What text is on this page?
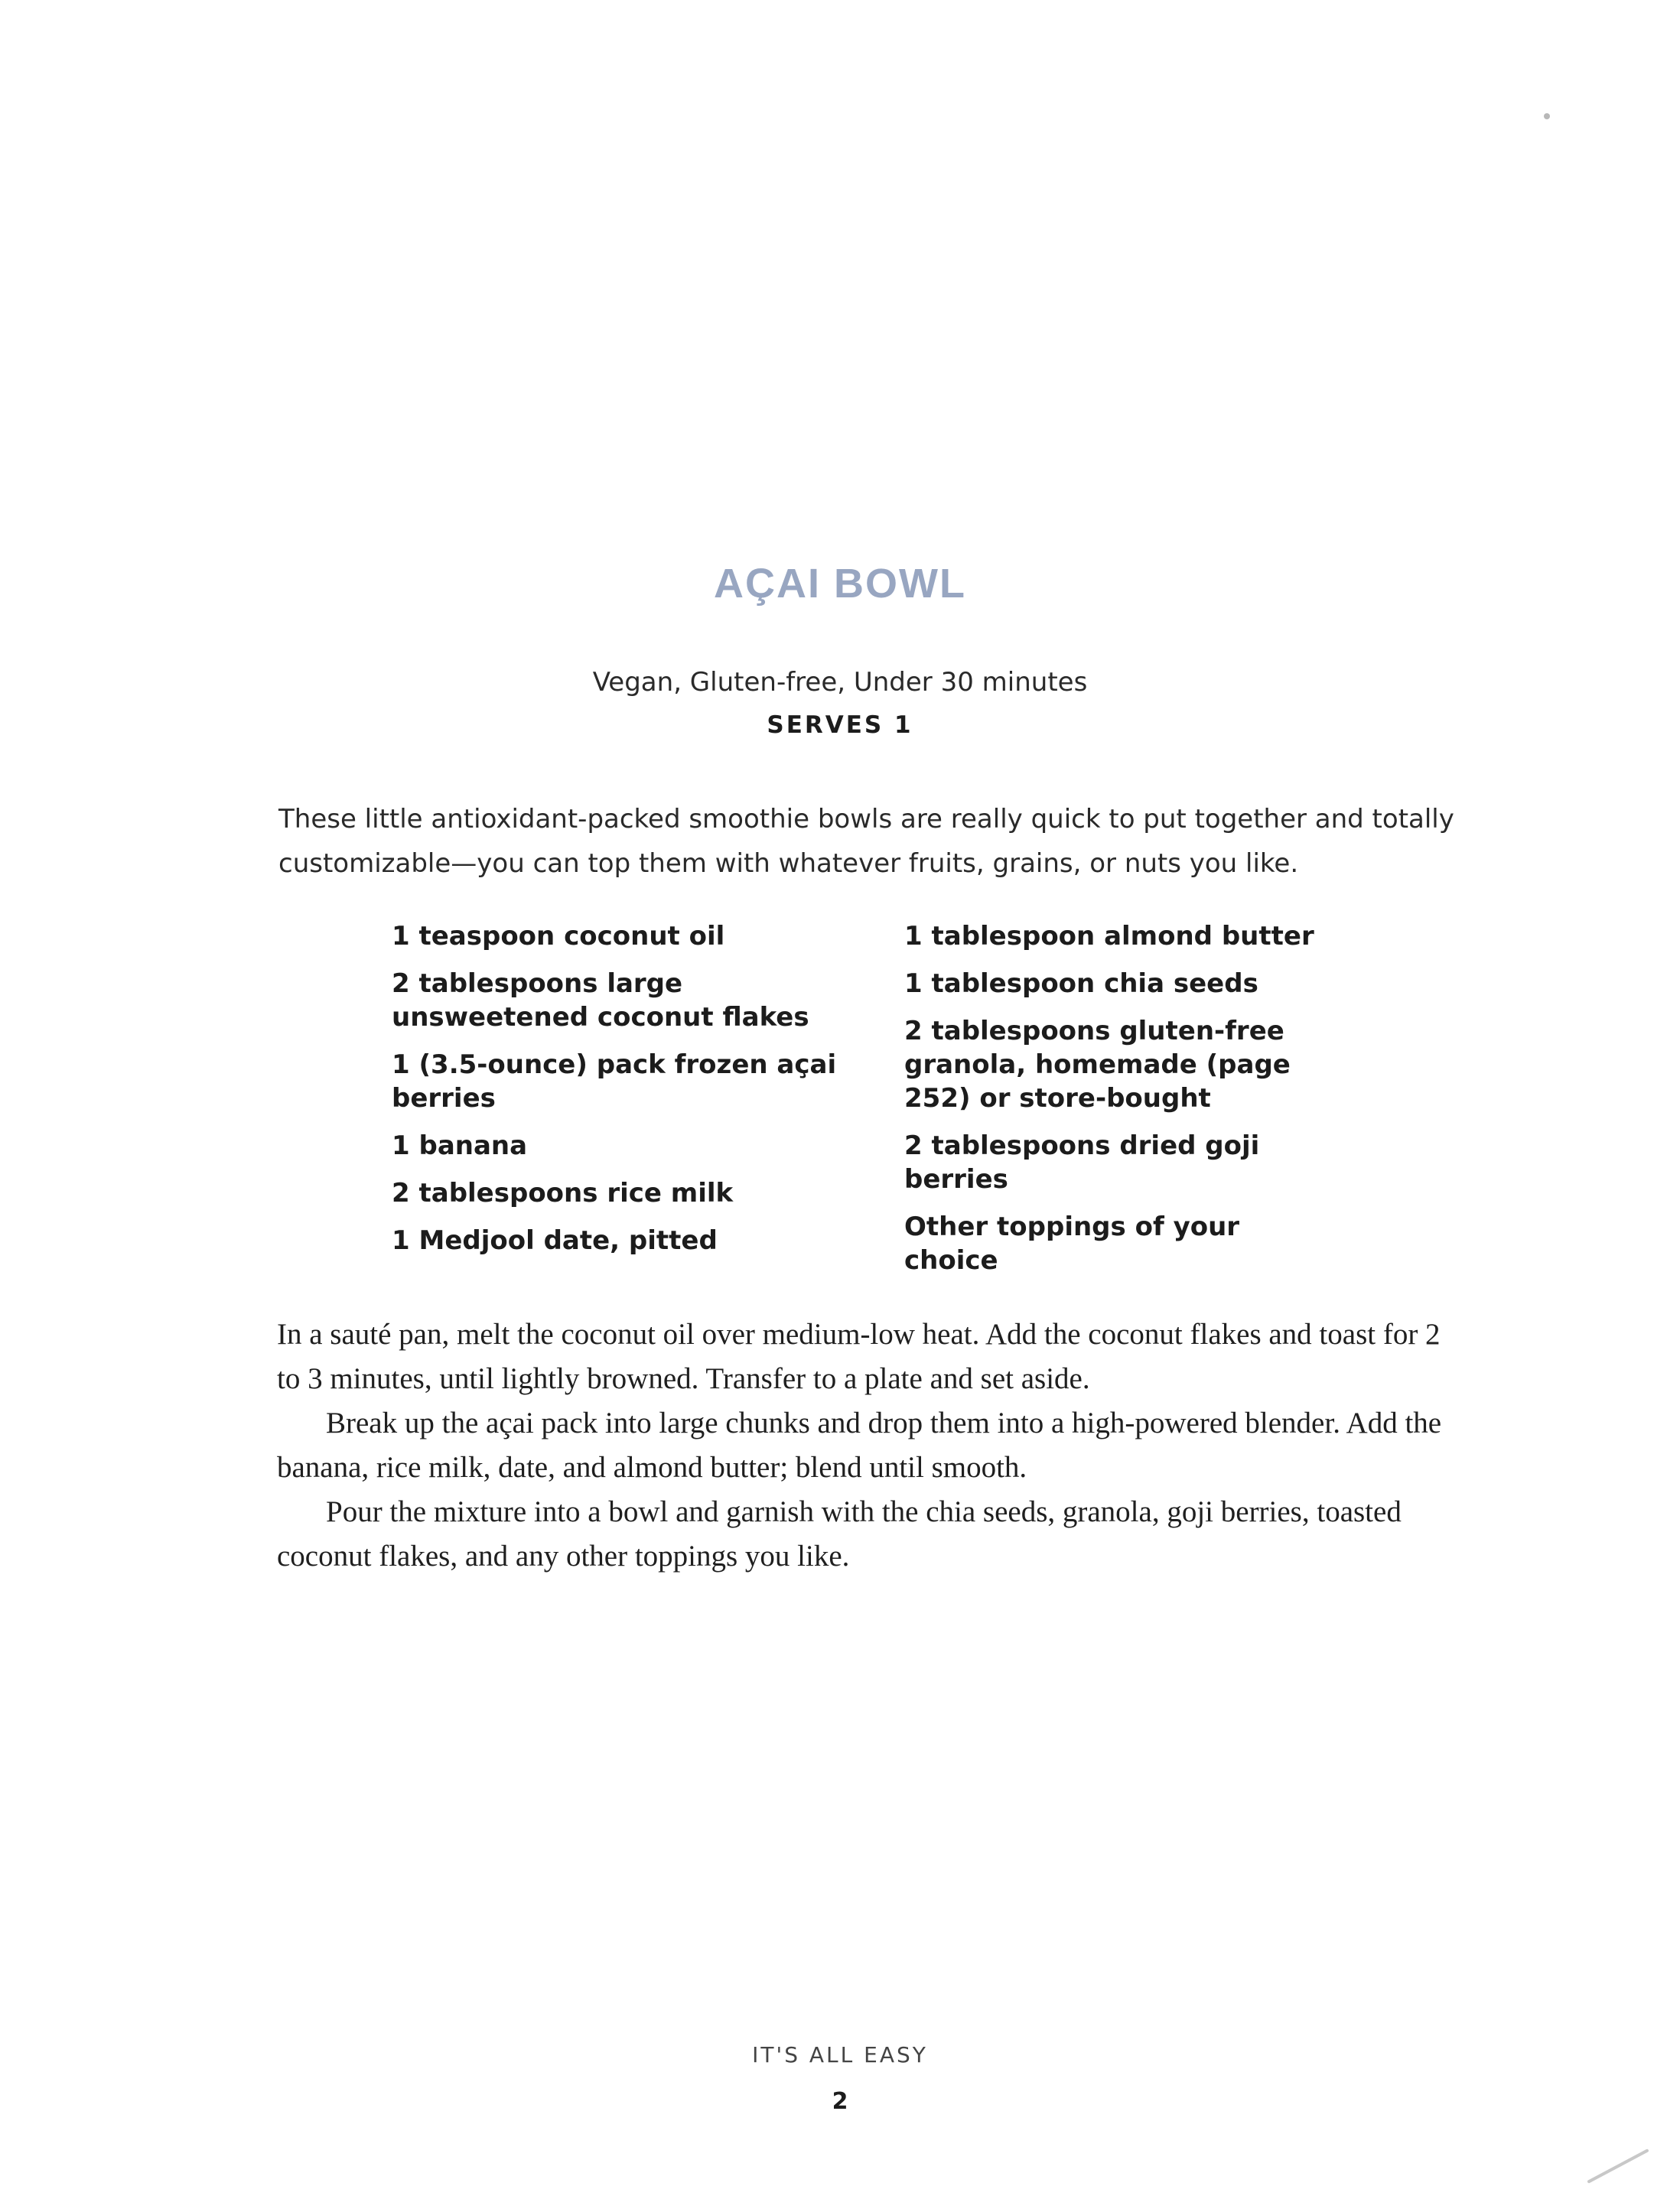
AÇAI BOWL
Vegan, Gluten-free, Under 30 minutes
SERVES 1

These little antioxidant-packed smoothie bowls are really quick to put together and totally customizable—you can top them with whatever fruits, grains, or nuts you like.

1 teaspoon coconut oil
2 tablespoons large unsweetened coconut flakes
1 (3.5-ounce) pack frozen açai berries
1 banana
2 tablespoons rice milk
1 Medjool date, pitted
1 tablespoon almond butter
1 tablespoon chia seeds
2 tablespoons gluten-free granola, homemade (page 252) or store-bought
2 tablespoons dried goji berries
Other toppings of your choice

In a sauté pan, melt the coconut oil over medium-low heat. Add the coconut flakes and toast for 2 to 3 minutes, until lightly browned. Transfer to a plate and set aside.

Break up the açai pack into large chunks and drop them into a high-powered blender. Add the banana, rice milk, date, and almond butter; blend until smooth.

Pour the mixture into a bowl and garnish with the chia seeds, granola, goji berries, toasted coconut flakes, and any other toppings you like.

IT'S ALL EASY
2
